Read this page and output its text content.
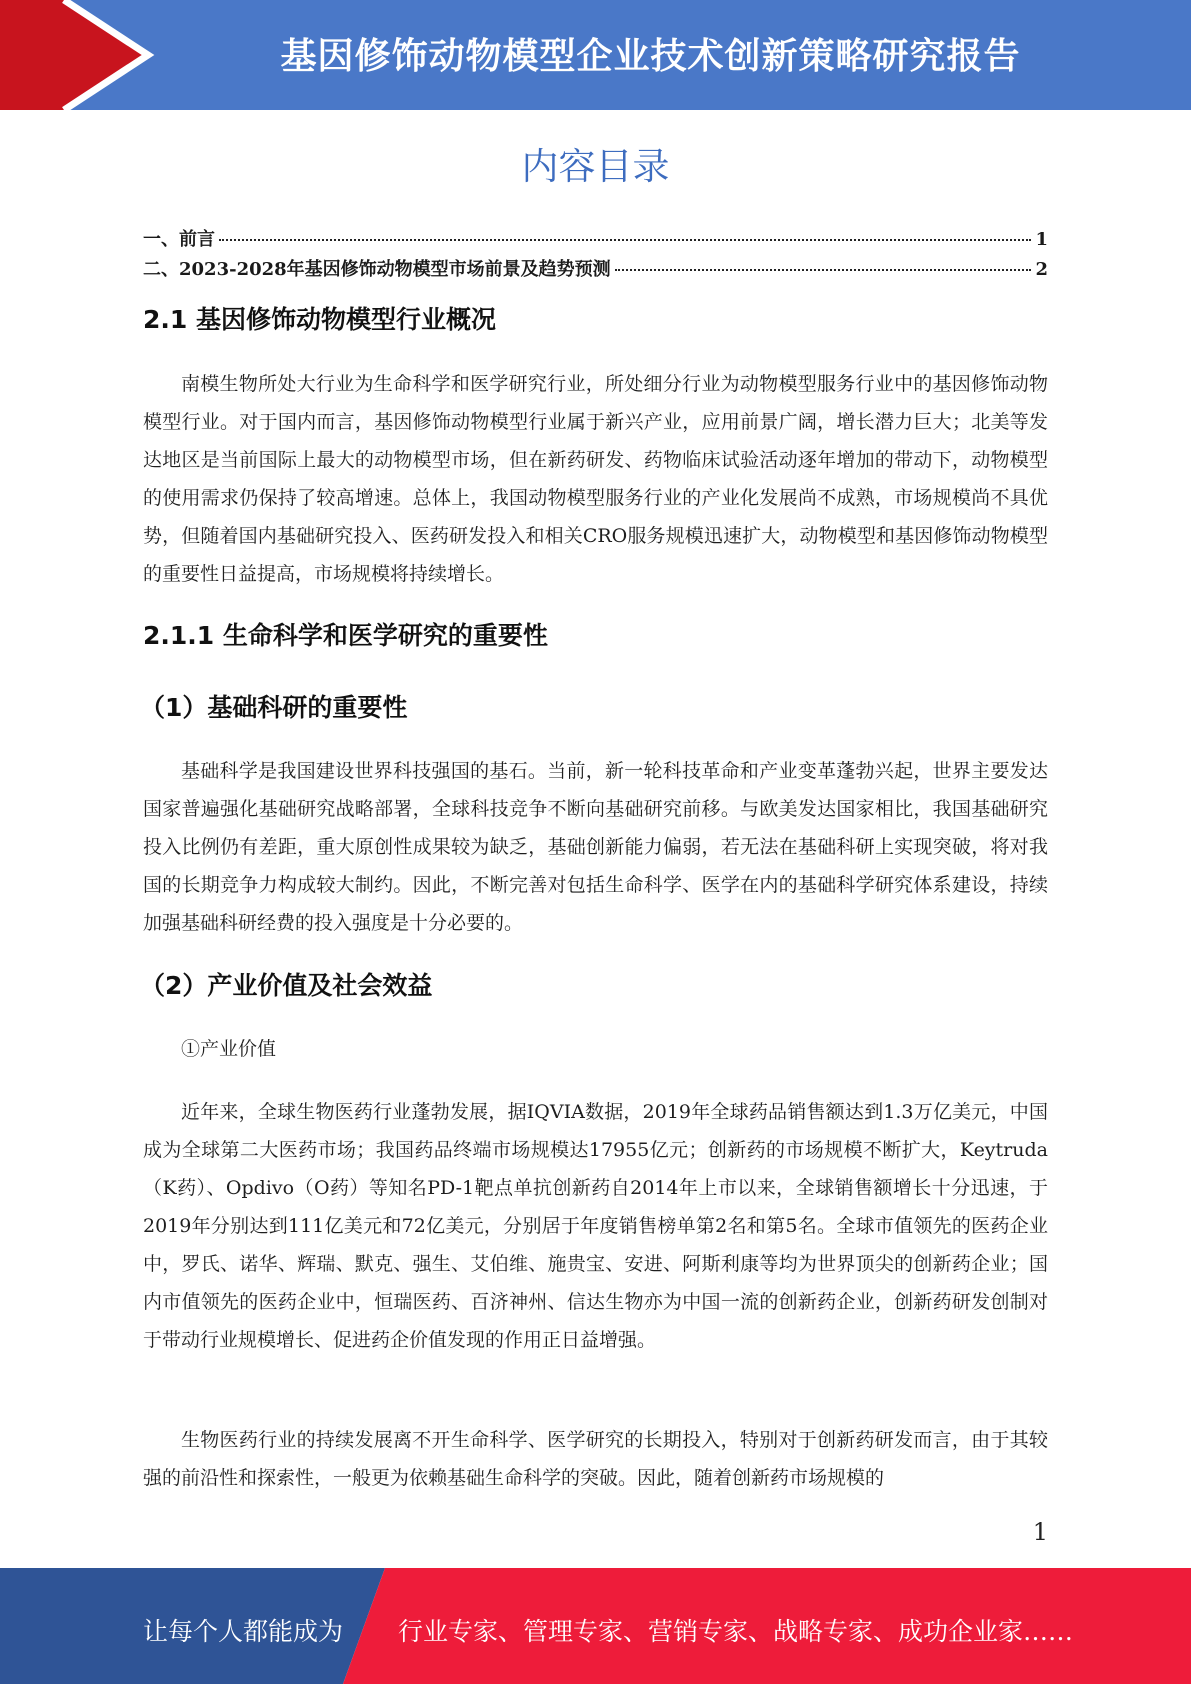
基因修饰动物模型企业技术创新策略研究报告
内容目录
一、前言	1
二、2023-2028年基因修饰动物模型市场前景及趋势预测	2
2.1 基因修饰动物模型行业概况

南模生物所处大行业为生命科学和医学研究行业，所处细分行业为动物模型服务行业中的基因修饰动物模型行业。对于国内而言，基因修饰动物模型行业属于新兴产业，应用前景广阔，增长潜力巨大；北美等发达地区是当前国际上最大的动物模型市场，但在新药研发、药物临床试验活动逐年增加的带动下，动物模型的使用需求仍保持了较高增速。总体上，我国动物模型服务行业的产业化发展尚不成熟，市场规模尚不具优势，但随着国内基础研究投入、医药研发投入和相关CRO服务规模迅速扩大，动物模型和基因修饰动物模型的重要性日益提高，市场规模将持续增长。

2.1.1 生命科学和医学研究的重要性
（1）基础科研的重要性

基础科学是我国建设世界科技强国的基石。当前，新一轮科技革命和产业变革蓬勃兴起，世界主要发达国家普遍强化基础研究战略部署，全球科技竞争不断向基础研究前移。与欧美发达国家相比，我国基础研究投入比例仍有差距，重大原创性成果较为缺乏，基础创新能力偏弱，若无法在基础科研上实现突破，将对我国的长期竞争力构成较大制约。因此，不断完善对包括生命科学、医学在内的基础科学研究体系建设，持续加强基础科研经费的投入强度是十分必要的。

（2）产业价值及社会效益

①产业价值

近年来，全球生物医药行业蓬勃发展，据IQVIA数据，2019年全球药品销售额达到1.3万亿美元，中国成为全球第二大医药市场；我国药品终端市场规模达17955亿元；创新药的市场规模不断扩大，Keytruda（K药）、Opdivo（O药）等知名PD-1靶点单抗创新药自2014年上市以来，全球销售额增长十分迅速，于2019年分别达到111亿美元和72亿美元，分别居于年度销售榜单第2名和第5名。全球市值领先的医药企业中，罗氏、诺华、辉瑞、默克、强生、艾伯维、施贵宝、安进、阿斯利康等均为世界顶尖的创新药企业；国内市值领先的医药企业中，恒瑞医药、百济神州、信达生物亦为中国一流的创新药企业，创新药研发创制对于带动行业规模增长、促进药企价值发现的作用正日益增强。

生物医药行业的持续发展离不开生命科学、医学研究的长期投入，特别对于创新药研发而言，由于其较强的前沿性和探索性，一般更为依赖基础生命科学的突破。因此，随着创新药市场规模的

1
让每个人都能成为 行业专家、管理专家、营销专家、战略专家、成功企业家……
